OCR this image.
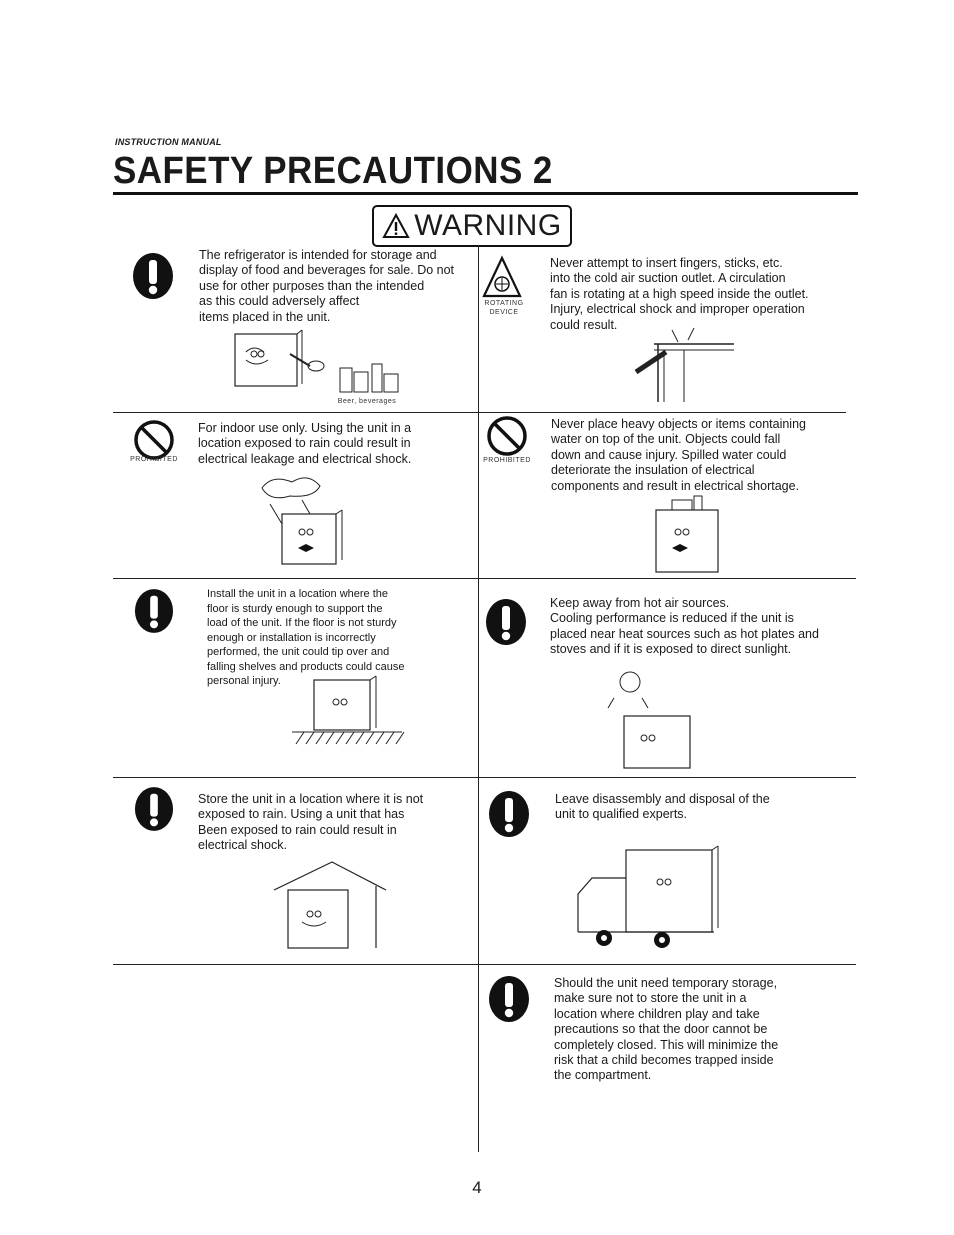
INSTRUCTION MANUAL
SAFETY PRECAUTIONS 2
WARNING
The refrigerator is intended for storage and
display of food and beverages for sale. Do not
use for other purposes than the intended
as this could adversely affect
items placed in the unit.
Beer, beverages
ROTATING
DEVICE
Never attempt to insert fingers, sticks, etc.
into the cold air suction outlet. A circulation
fan is rotating at a high speed inside the outlet.
Injury, electrical shock and improper operation
could result.
PROHIBITED
For indoor use only. Using the unit in a
location exposed to rain could result in
electrical leakage and electrical shock.	PROHIBITED
Never place heavy objects or items containing
water on top of the unit. Objects could fall
down and cause injury. Spilled water could
deteriorate the insulation of electrical
components and result in electrical shortage.
Install the unit in a location where the
floor is sturdy enough to support the
load of the unit. If the floor is not sturdy
enough or installation is incorrectly
performed, the unit could tip over and
falling shelves and products could cause
personal injury.
Keep away from hot air sources.
Cooling performance is reduced if the unit is
placed near heat sources such as hot plates and
stoves and if it is exposed to direct sunlight.
Store the unit in a location where it is not
exposed to rain. Using a unit that has
Been exposed to rain could result in
electrical shock.
Leave disassembly and disposal of the
unit to qualified experts.
Should the unit need temporary storage,
make sure not to store the unit in a
location where children play and take
precautions so that the door cannot be
completely closed. This will minimize the
risk that a child becomes trapped inside
the compartment.
4
